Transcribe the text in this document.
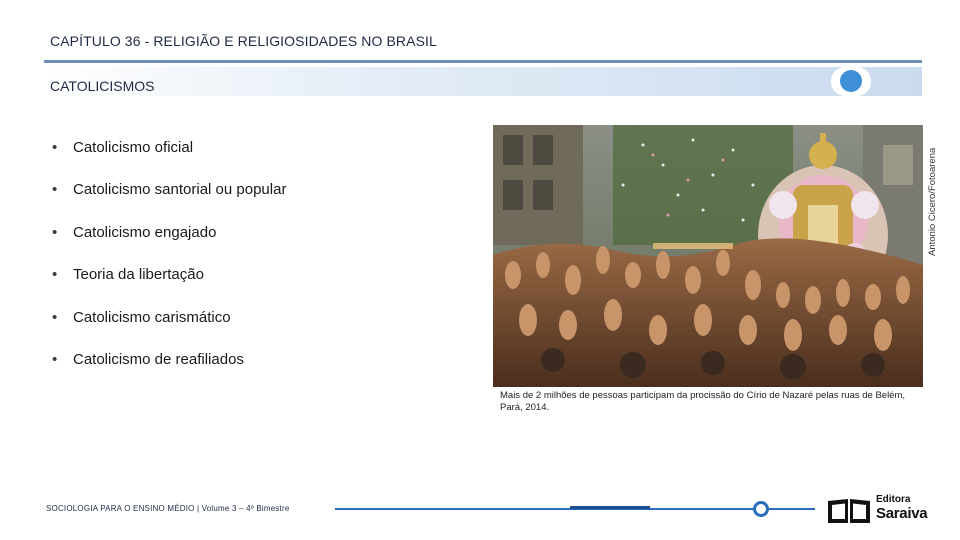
CAPÍTULO 36 - RELIGIÃO E RELIGIOSIDADES NO BRASIL
CATOLICISMOS
• Catolicismo oficial
• Catolicismo santorial ou popular
• Catolicismo engajado
• Teoria da libertação
• Catolicismo carismático
• Catolicismo de reafiliados
Antonio Cicero/Fotoarena
Mais de 2 milhões de pessoas participam da procissão do Círio de Nazaré pelas ruas de Belém, Pará, 2014.
SOCIOLOGIA PARA O ENSINO MÉDIO | Volume 3 – 4º Bimestre
Editora
Saraiva
